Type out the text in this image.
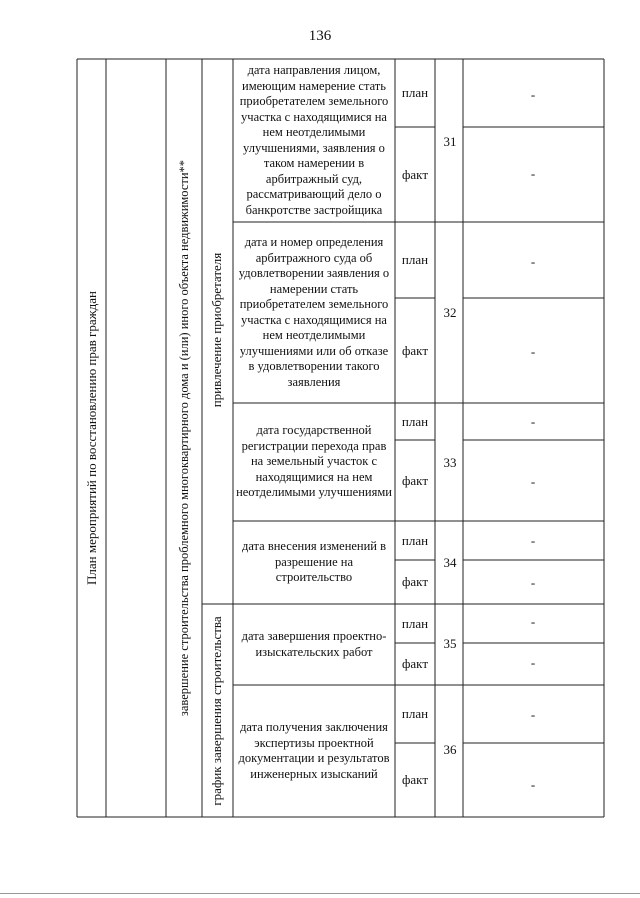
136
План мероприятий по восстановлению прав граждан	завершение строительства проблемного многоквартирного дома и (или) иного объекта недвижимости** привлечение приобретателя
график завершения строительства
дата направления лицом, имеющим намерение стать приобретателем земельного участка с находящимися на нем неотделимыми улучшениями, заявления о таком намерении в арбитражный суд, рассматривающий дело о банкротстве застройщика
план
факт
31
-
-
дата и номер определения арбитражного суда об удовлетворении заявления о намерении стать приобретателем земельного участка с находящимися на нем неотделимыми улучшениями или об отказе в удовлетворении такого заявления
план
факт
32
-
-
дата государственной регистрации перехода прав на земельный участок с находящимися на нем неотделимыми улучшениями
план
факт
33
-
-
дата внесения изменений в разрешение на строительство
план
факт
34
-
-
дата завершения проектно-изыскательских работ
план
факт
35
-
-
дата получения заключения экспертизы проектной документации и результатов инженерных изысканий
план
факт
36
-
-
